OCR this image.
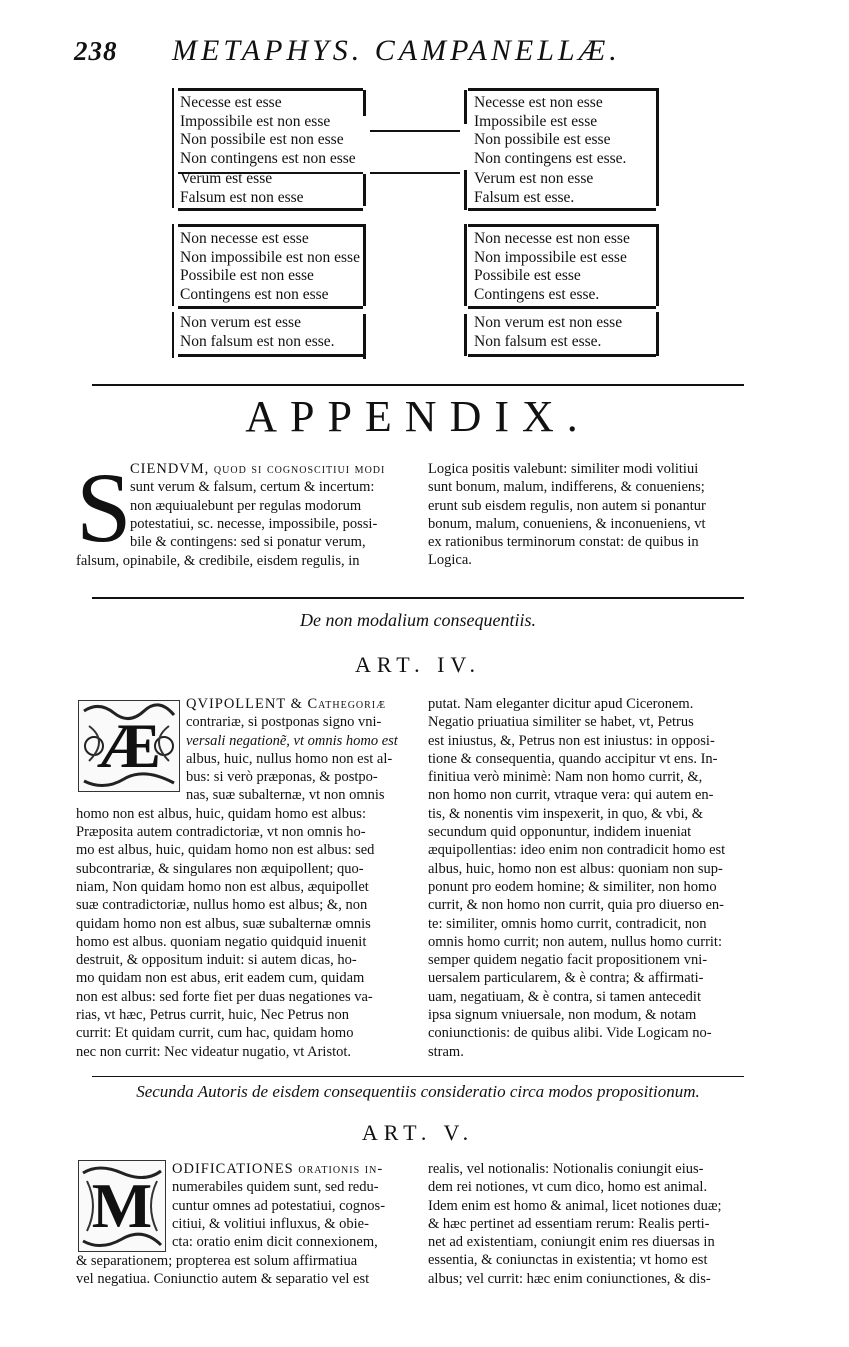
238 METAPHYS. CAMPANELLÆ.
Necesse est esse
Impossibile est non esse
Non possibile est non esse
Non contingens est non esse
Verum est esse
Falsum est non esse
Non necesse est esse
Non impossibile est non esse
Possibile est non esse
Contingens est non esse
Non verum est esse
Non falsum est non esse.
Necesse est non esse
Impossibile est esse
Non possibile est esse
Non contingens est esse.
Verum est non esse
Falsum est esse.
Non necesse est non esse
Non impossibile est esse
Possibile est esse
Contingens est esse.
Non verum est non esse
Non falsum est esse.
APPENDIX.
S

CIENDVM, quod si cognoscitiui modi

sunt verum & falsum, certum & incertum:

non æquiualebunt per regulas modorum

potestatiui, sc. necesse, impossibile, possi-

bile & contingens: sed si ponatur verum,

falsum, opinabile, & credibile, eisdem regulis, in

Logica positis valebunt: similiter modi volitiui

sunt bonum, malum, indifferens, & conueniens;

erunt sub eisdem regulis, non autem si ponantur

bonum, malum, conueniens, & inconueniens, vt

ex rationibus terminorum constat: de quibus in

Logica.

De non modalium consequentiis.
ART. IV.
Æ

QVIPOLLENT & Cathegoriæ

contrariæ, si postponas signo vni-

versali negationẽ, vt omnis homo est

albus, huic, nullus homo non est al-

bus: si verò præponas, & postpo-

nas, suæ subalternæ, vt non omnis

homo non est albus, huic, quidam homo est albus:

Præposita autem contradictoriæ, vt non omnis ho-

mo est albus, huic, quidam homo non est albus: sed

subcontrariæ, & singulares non æquipollent; quo-

niam, Non quidam homo non est albus, æquipollet

suæ contradictoriæ, nullus homo est albus; &, non

quidam homo non est albus, suæ subalternæ omnis

homo est albus. quoniam negatio quidquid inuenit

destruit, & oppositum induit: si autem dicas, ho-

mo quidam non est abus, erit eadem cum, quidam

non est albus: sed forte fiet per duas negationes va-

rias, vt hæc, Petrus currit, huic, Nec Petrus non

currit: Et quidam currit, cum hac, quidam homo

nec non currit: Nec videatur nugatio, vt Aristot.

putat. Nam eleganter dicitur apud Ciceronem.

Negatio priuatiua similiter se habet, vt, Petrus

est iniustus, &, Petrus non est iniustus: in opposi-

tione & consequentia, quando accipitur vt ens. In-

finitiua verò minimè: Nam non homo currit, &,

non homo non currit, vtraque vera: qui autem en-

tis, & nonentis vim inspexerit, in quo, & vbi, &

secundum quid opponuntur, indidem inueniat

æquipollentias: ideo enim non contradicit homo est

albus, huic, homo non est albus: quoniam non sup-

ponunt pro eodem homine; & similiter, non homo

currit, & non homo non currit, quia pro diuerso en-

te: similiter, omnis homo currit, contradicit, non

omnis homo currit; non autem, nullus homo currit:

semper quidem negatio facit propositionem vni-

uersalem particularem, & è contra; & affirmati-

uam, negatiuam, & è contra, si tamen antecedit

ipsa signum vniuersale, non modum, & notam

coniunctionis: de quibus alibi. Vide Logicam no-

stram.

Secunda Autoris de eisdem consequentiis consideratio circa modos propositionum.
ART. V.
M

ODIFICATIONES orationis in-

numerabiles quidem sunt, sed redu-

cuntur omnes ad potestatiui, cognos-

citiui, & volitiui influxus, & obie-

cta: oratio enim dicit connexionem,

& separationem; propterea est solum affirmatiua

vel negatiua. Coniunctio autem & separatio vel est

realis, vel notionalis: Notionalis coniungit eius-

dem rei notiones, vt cum dico, homo est animal.

Idem enim est homo & animal, licet notiones duæ;

& hæc pertinet ad essentiam rerum: Realis perti-

net ad existentiam, coniungit enim res diuersas in

essentia, & coniunctas in existentia; vt homo est

albus; vel currit: hæc enim coniunctiones, & dis-
